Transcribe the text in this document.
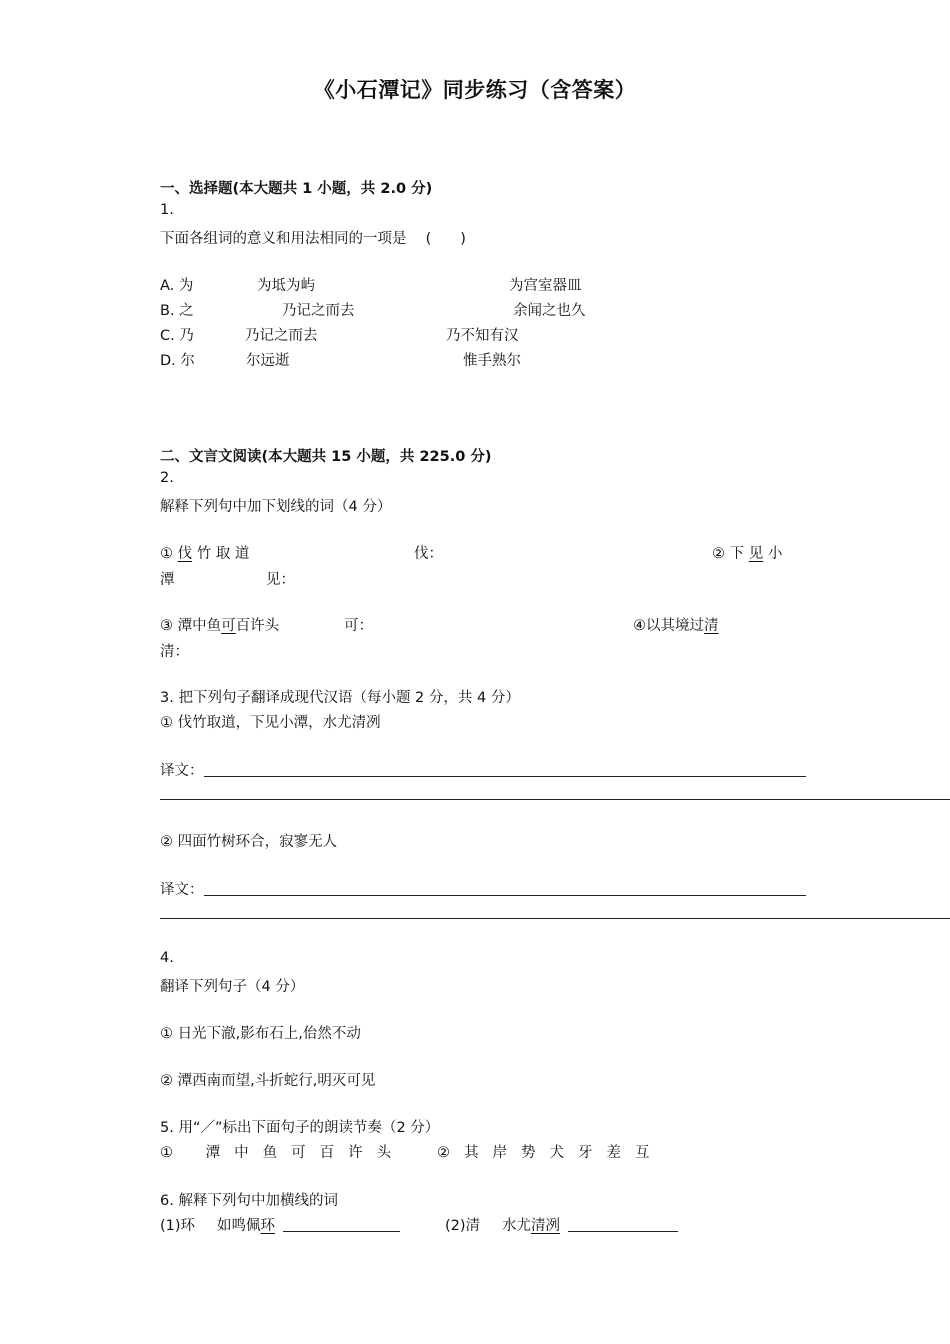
《小石潭记》同步练习（含答案）
一、选择题(本大题共 1 小题，共 2.0 分)
1.
下面各组词的意义和用法相同的一项是　 (　　)
A. 为	为坻为屿	为宫室器皿
B. 之	乃记之而去	余闻之也久
C. 乃	乃记之而去	乃不知有汉
D. 尔	尔远逝	惟手熟尔
二、文言文阅读(本大题共 15 小题，共 225.0 分)
2.
解释下列句中加下划线的词（4 分）
① 伐 竹 取 道	伐：	② 下 见 小
潭	见：
③ 潭中鱼可百许头	可：	④以其境过清
清：
3. 把下列句子翻译成现代汉语（每小题 2 分，共 4 分）
① 伐竹取道，下见小潭，水尤清冽
译文：
② 四面竹树环合，寂寥无人
译文：
4.
翻译下列句子（4 分）
① 日光下澈,影布石上,佁然不动
② 潭西南而望,斗折蛇行,明灭可见
5. 用“／”标出下面句子的朗读节奏（2 分）
① 潭中鱼可百许头 ②其岸势犬牙差互
6. 解释下列句中加横线的词
(1)环 如鸣佩环	(2)清 水尤清冽
